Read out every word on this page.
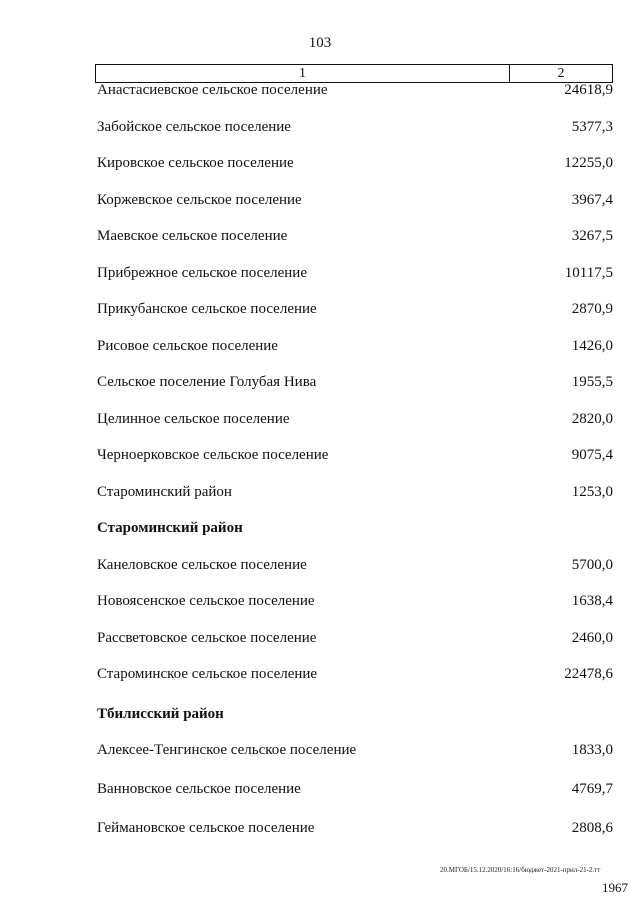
103
1	2
Анастасиевское сельское поселение	24618,9
Забойское сельское поселение	5377,3
Кировское сельское поселение	12255,0
Коржевское сельское поселение	3967,4
Маевское сельское поселение	3267,5
Прибрежное сельское поселение	10117,5
Прикубанское сельское поселение	2870,9
Рисовое сельское поселение	1426,0
Сельское поселение Голубая Нива	1955,5
Целинное сельское поселение	2820,0
Черноерковское сельское поселение	9075,4
Староминский район	1253,0
Староминский район
Канеловское сельское поселение	5700,0
Новоясенское сельское поселение	1638,4
Рассветовское сельское поселение	2460,0
Староминское сельское поселение	22478,6
Тбилисский район
Алексее-Тенгинское сельское поселение	1833,0
Ванновское сельское поселение	4769,7
Геймановское сельское поселение	2808,6
20.МГОБ/15.12.2020/16:16/бюджет-2021-прил-21-2.тт
1967
